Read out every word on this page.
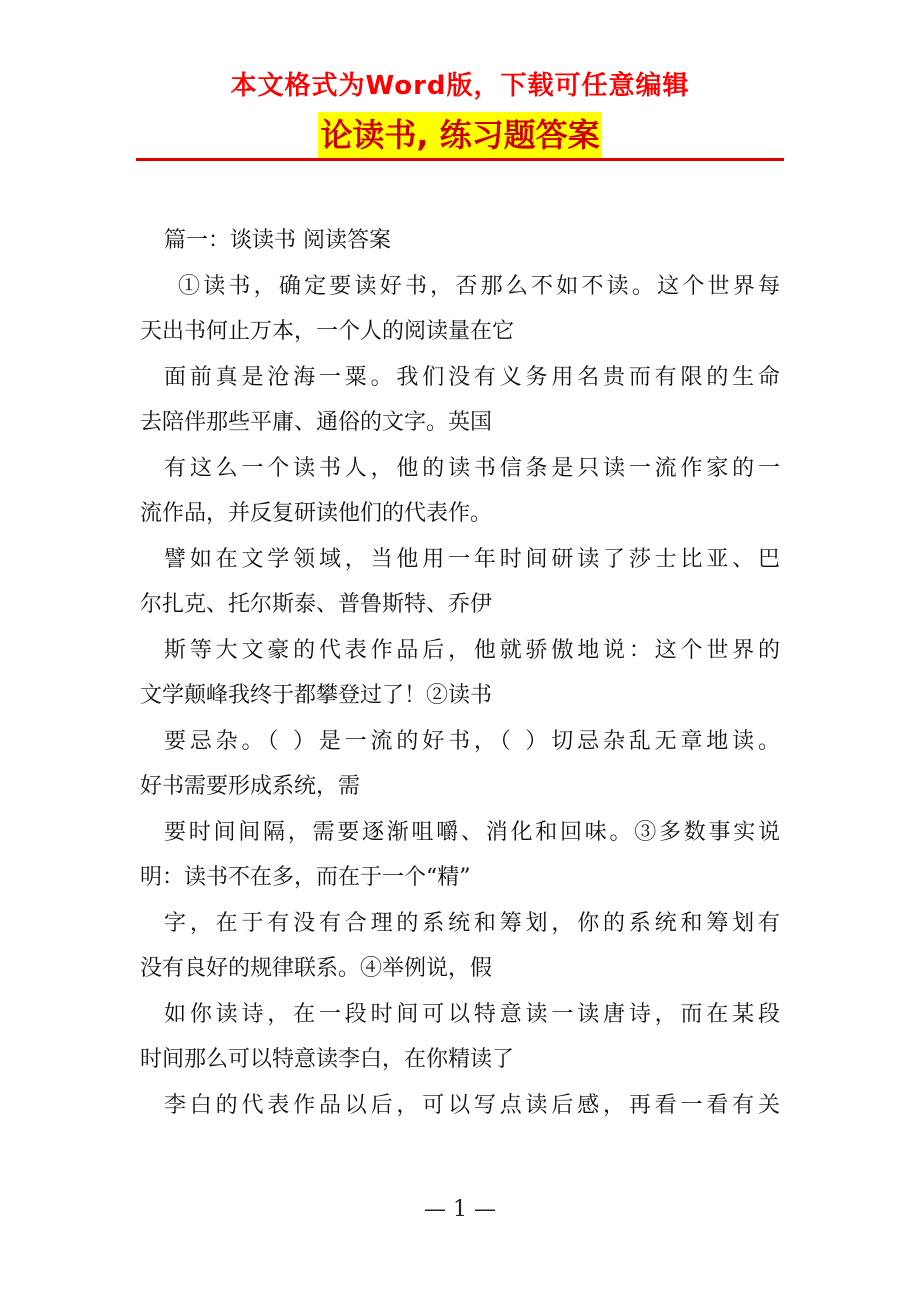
本文格式为Word版，下载可任意编辑
论读书, 练习题答案
篇一：谈读书 阅读答案
①读书，确定要读好书，否那么不如不读。这个世界每
天出书何止万本，一个人的阅读量在它
面前真是沧海一粟。我们没有义务用名贵而有限的生命
去陪伴那些平庸、通俗的文字。英国
有这么一个读书人，他的读书信条是只读一流作家的一
流作品，并反复研读他们的代表作。
譬如在文学领域，当他用一年时间研读了莎士比亚、巴
尔扎克、托尔斯泰、普鲁斯特、乔伊
斯等大文豪的代表作品后，他就骄傲地说：这个世界的
文学颠峰我终于都攀登过了！②读书
要忌杂。（ ）是一流的好书，（ ）切忌杂乱无章地读。
好书需要形成系统，需
要时间间隔，需要逐渐咀嚼、消化和回味。③多数事实说
明：读书不在多，而在于一个“精”
字，在于有没有合理的系统和筹划，你的系统和筹划有
没有良好的规律联系。④举例说，假
如你读诗，在一段时间可以特意读一读唐诗，而在某段
时间那么可以特意读李白，在你精读了
李白的代表作品以后，可以写点读后感，再看一看有关
— 1 —
